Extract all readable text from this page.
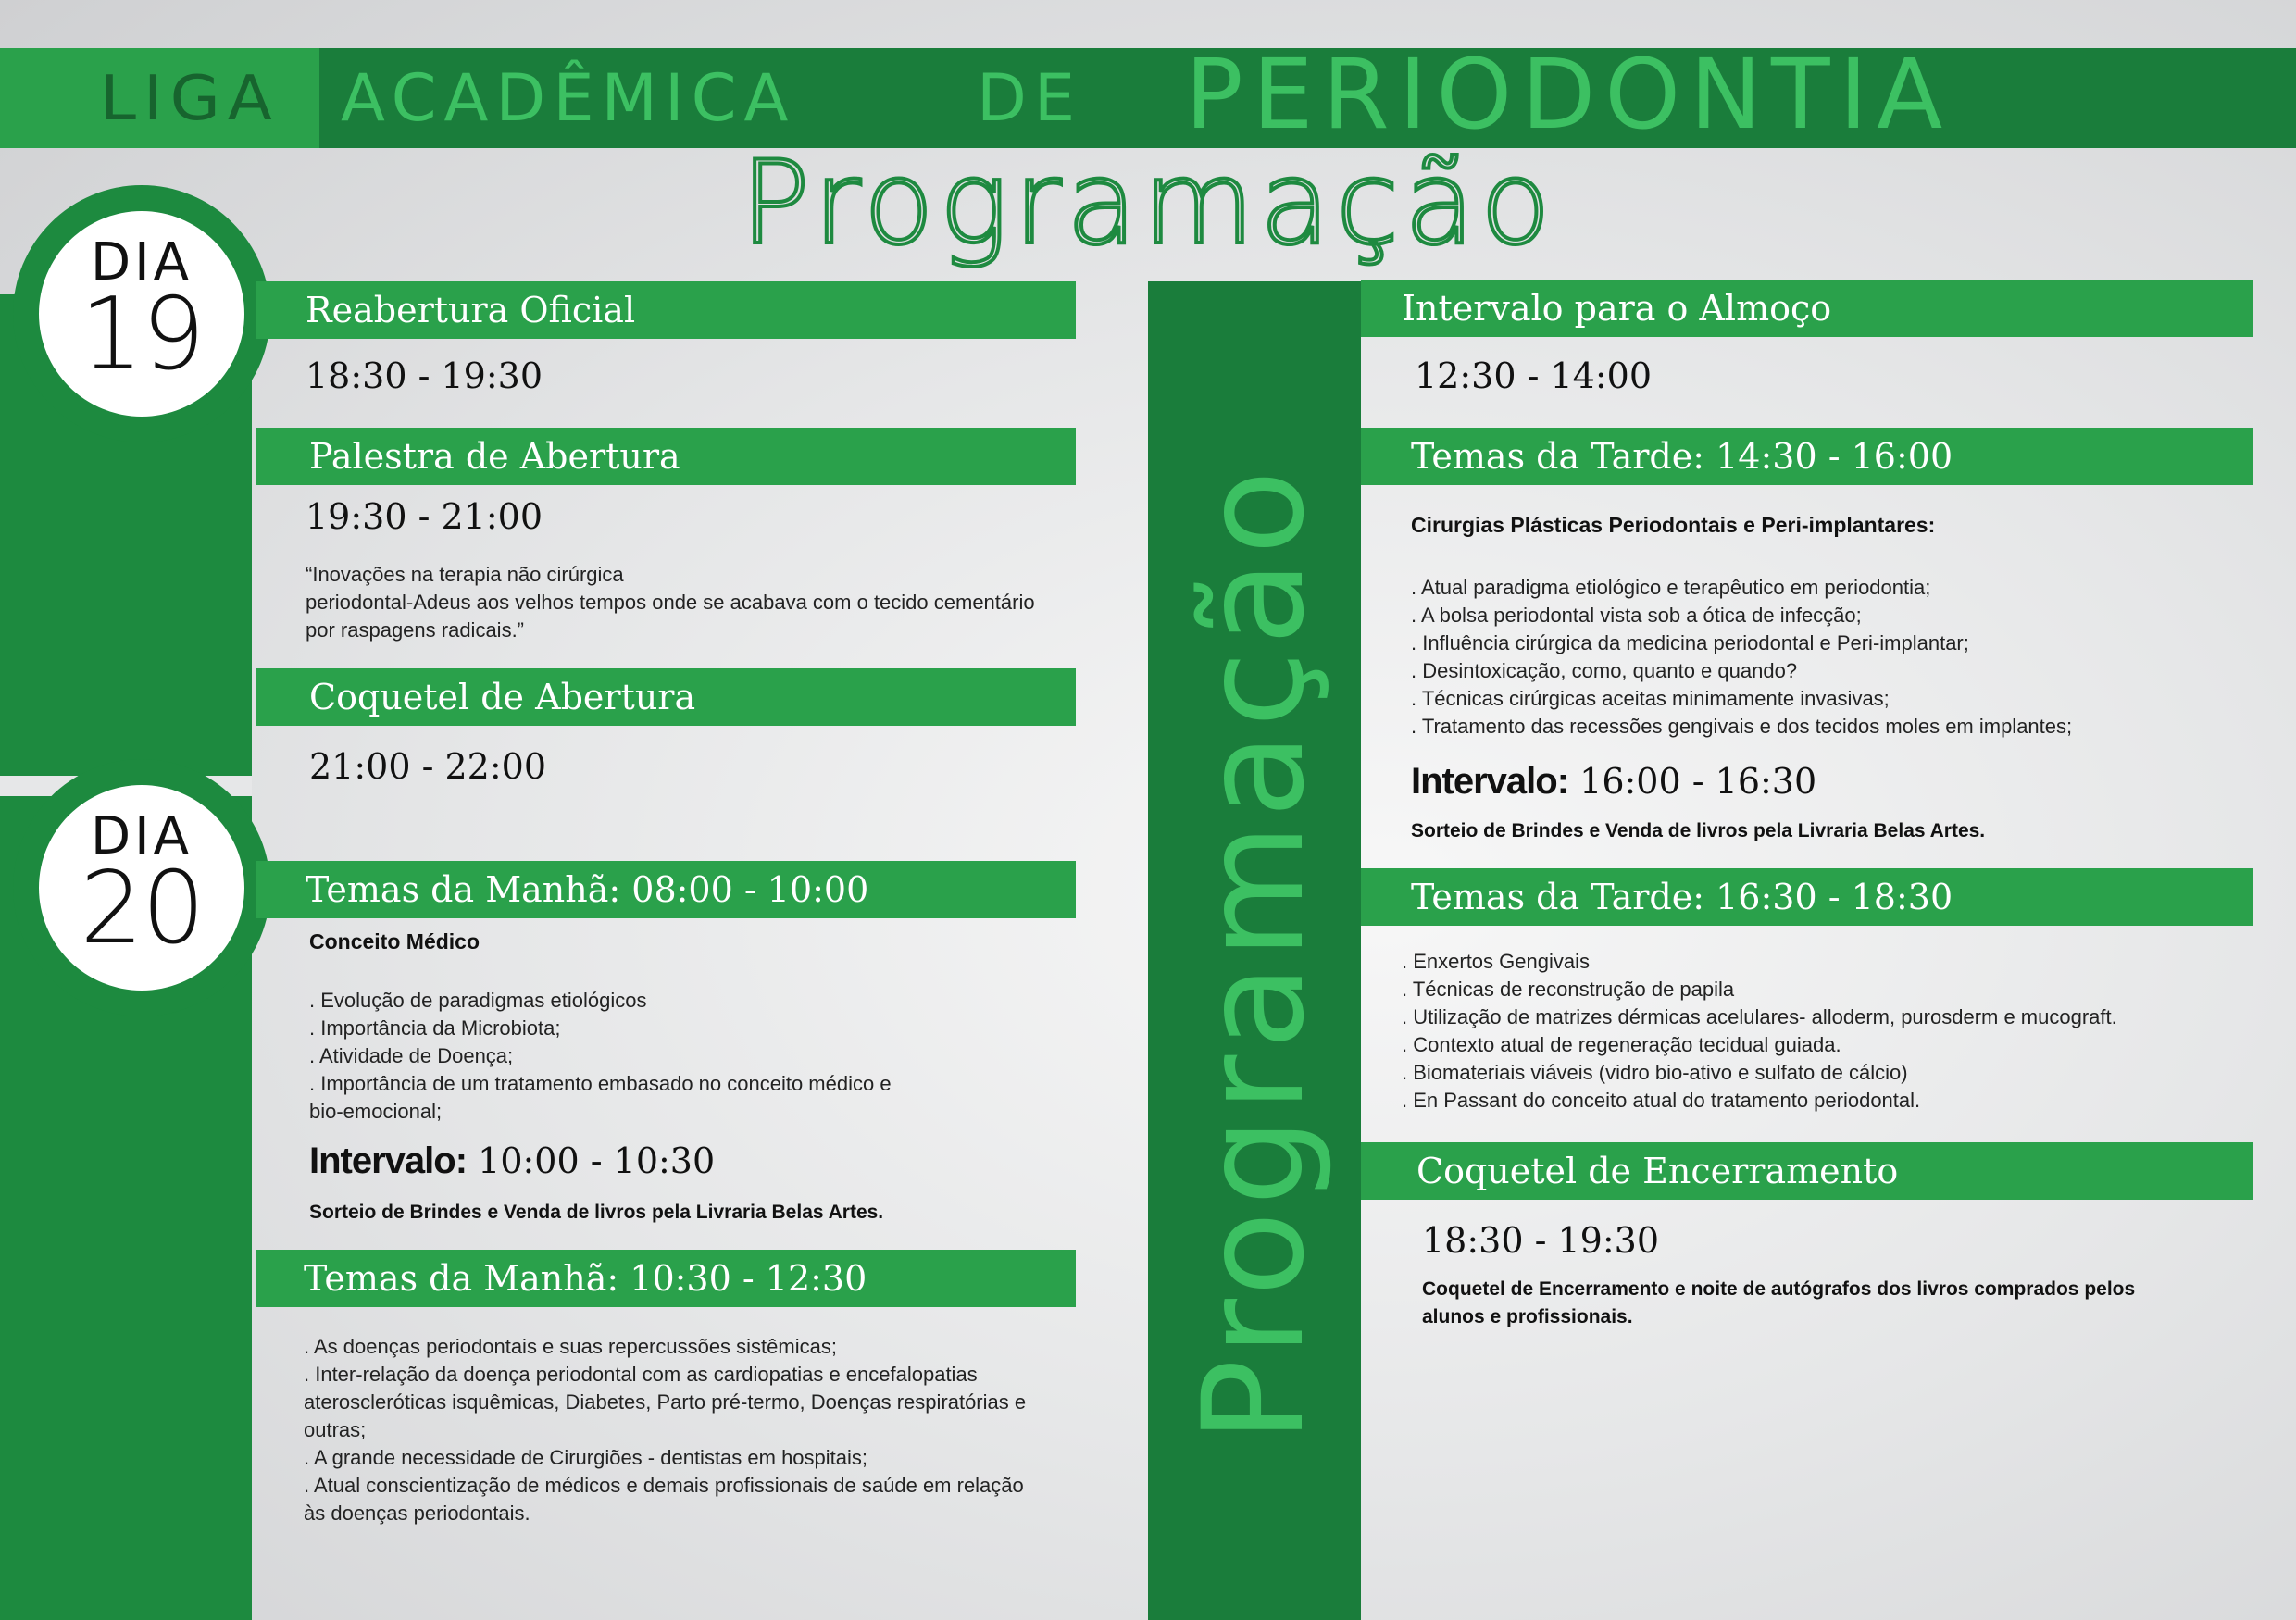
LIGA ACADÊMICA	DE PERIODONTIA
Programação
DIA
19
DIA
20	Programação
Reabertura Oficial
18:30 - 19:30
Palestra de Abertura
19:30 - 21:00
“Inovações na terapia não cirúrgica
periodontal-Adeus aos velhos tempos onde se acabava com o tecido cementário
por raspagens radicais.”
Coquetel de Abertura
21:00 - 22:00
Temas da Manhã: 08:00 - 10:00
Conceito Médico
. Evolução de paradigmas etiológicos
. Importância da Microbiota;
. Atividade de Doença;
. Importância de um tratamento embasado no conceito médico e
bio-emocional;
Intervalo: 10:00 - 10:30
Sorteio de Brindes e Venda de livros pela Livraria Belas Artes.
Temas da Manhã: 10:30 - 12:30
. As doenças periodontais e suas repercussões sistêmicas;
. Inter-relação da doença periodontal com as cardiopatias e encefalopatias
ateroscleróticas isquêmicas, Diabetes, Parto pré-termo, Doenças respiratórias e
outras;
. A grande necessidade de Cirurgiões - dentistas em hospitais;
. Atual conscientização de médicos e demais profissionais de saúde em relação
às doenças periodontais.
Intervalo para o Almoço
12:30 - 14:00
Temas da Tarde: 14:30 - 16:00
Cirurgias Plásticas Periodontais e Peri-implantares:
. Atual paradigma etiológico e terapêutico em periodontia;
. A bolsa periodontal vista sob a ótica de infecção;
. Influência cirúrgica da medicina periodontal e Peri-implantar;
. Desintoxicação, como, quanto e quando?
. Técnicas cirúrgicas aceitas minimamente invasivas;
. Tratamento das recessões gengivais e dos tecidos moles em implantes;
Intervalo: 16:00 - 16:30
Sorteio de Brindes e Venda de livros pela Livraria Belas Artes.
Temas da Tarde: 16:30 - 18:30
. Enxertos Gengivais
. Técnicas de reconstrução de papila
. Utilização de matrizes dérmicas acelulares- alloderm, purosderm e mucograft.
. Contexto atual de regeneração tecidual guiada.
. Biomateriais viáveis (vidro bio-ativo e sulfato de cálcio)
. En Passant do conceito atual do tratamento periodontal.
Coquetel de Encerramento
18:30 - 19:30
Coquetel de Encerramento e noite de autógrafos dos livros comprados pelos
alunos e profissionais.
